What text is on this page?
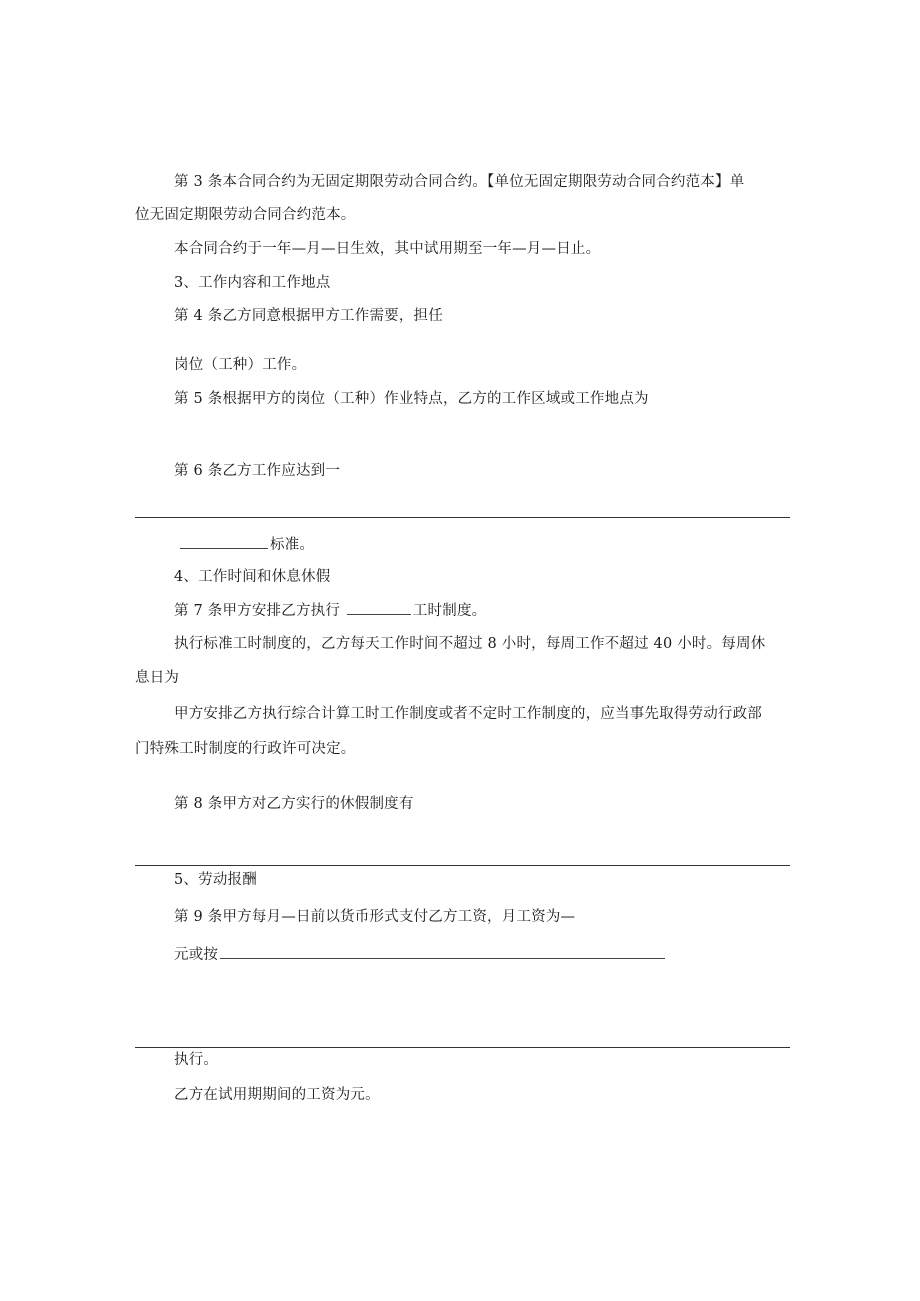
第 3 条本合同合约为无固定期限劳动合同合约。【单位无固定期限劳动合同合约范本】单
位无固定期限劳动合同合约范本。
本合同合约于一年—月—日生效，其中试用期至一年—月—日止。
3、工作内容和工作地点
第 4 条乙方同意根据甲方工作需要，担任
岗位（工种）工作。
第 5 条根据甲方的岗位（工种）作业特点，乙方的工作区域或工作地点为
第 6 条乙方工作应达到一
标准。
4、工作时间和休息休假
第 7 条甲方安排乙方执行	工时制度。
执行标准工时制度的，乙方每天工作时间不超过 8 小时，每周工作不超过 40 小时。每周休
息日为
甲方安排乙方执行综合计算工时工作制度或者不定时工作制度的，应当事先取得劳动行政部
门特殊工时制度的行政许可决定。
第 8 条甲方对乙方实行的休假制度有
5、劳动报酬
第 9 条甲方每月—日前以货币形式支付乙方工资，月工资为—
元或按
执行。
乙方在试用期期间的工资为元。
